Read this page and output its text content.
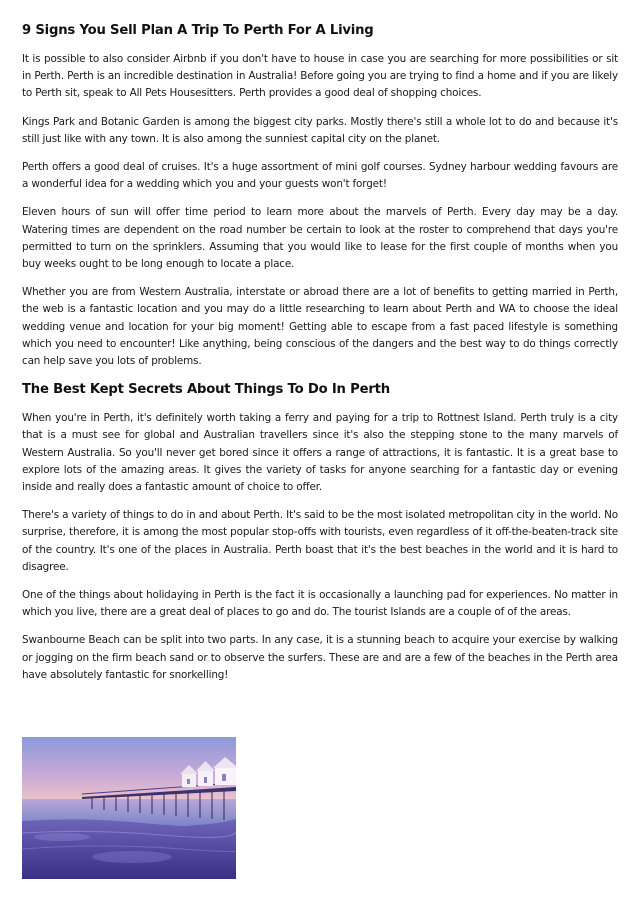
9 Signs You Sell Plan A Trip To Perth For A Living

It is possible to also consider Airbnb if you don't have to house in case you are searching for more possibilities or sit in Perth. Perth is an incredible destination in Australia! Before going you are trying to find a home and if you are likely to Perth sit, speak to All Pets Housesitters. Perth provides a good deal of shopping choices.

Kings Park and Botanic Garden is among the biggest city parks. Mostly there's still a whole lot to do and because it's still just like with any town. It is also among the sunniest capital city on the planet.

Perth offers a good deal of cruises. It's a huge assortment of mini golf courses. Sydney harbour wedding favours are a wonderful idea for a wedding which you and your guests won't forget!

Eleven hours of sun will offer time period to learn more about the marvels of Perth. Every day may be a day. Watering times are dependent on the road number be certain to look at the roster to comprehend that days you're permitted to turn on the sprinklers. Assuming that you would like to lease for the first couple of months when you buy weeks ought to be long enough to locate a place.

Whether you are from Western Australia, interstate or abroad there are a lot of benefits to getting married in Perth, the web is a fantastic location and you may do a little researching to learn about Perth and WA to choose the ideal wedding venue and location for your big moment! Getting able to escape from a fast paced lifestyle is something which you need to encounter! Like anything, being conscious of the dangers and the best way to do things correctly can help save you lots of problems.

The Best Kept Secrets About Things To Do In Perth

When you're in Perth, it's definitely worth taking a ferry and paying for a trip to Rottnest Island. Perth truly is a city that is a must see for global and Australian travellers since it's also the stepping stone to the many marvels of Western Australia. So you'll never get bored since it offers a range of attractions, it is fantastic. It is a great base to explore lots of the amazing areas. It gives the variety of tasks for anyone searching for a fantastic day or evening inside and really does a fantastic amount of choice to offer.

There's a variety of things to do in and about Perth. It's said to be the most isolated metropolitan city in the world. No surprise, therefore, it is among the most popular stop-offs with tourists, even regardless of it off-the-beaten-track site of the country. It's one of the places in Australia. Perth boast that it's the best beaches in the world and it is hard to disagree.

One of the things about holidaying in Perth is the fact it is occasionally a launching pad for experiences. No matter in which you live, there are a great deal of places to go and do. The tourist Islands are a couple of of the areas.

Swanbourne Beach can be split into two parts. In any case, it is a stunning beach to acquire your exercise by walking or jogging on the firm beach sand or to observe the surfers. These are and are a few of the beaches in the Perth area have absolutely fantastic for snorkelling!
